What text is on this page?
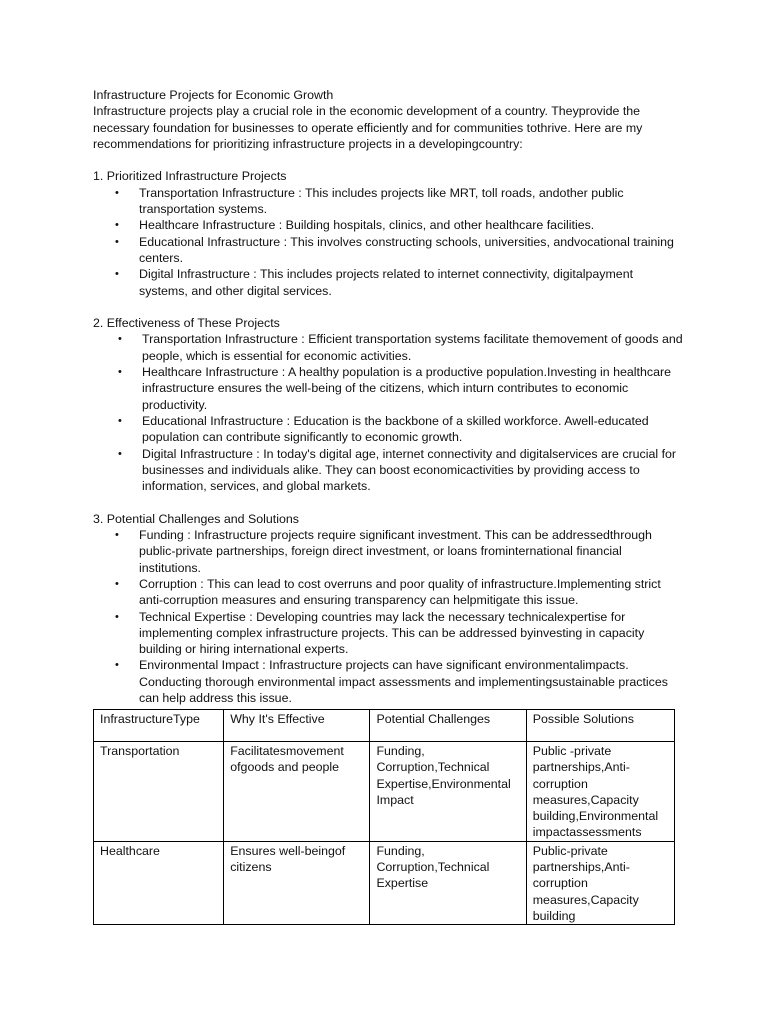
Infrastructure Projects for Economic Growth

Infrastructure projects play a crucial role in the economic development of a country. Theyprovide the necessary foundation for businesses to operate efficiently and for communities tothrive. Here are my recommendations for prioritizing infrastructure projects in a developingcountry:

1. Prioritized Infrastructure Projects

• Transportation Infrastructure : This includes projects like MRT, toll roads, andother public transportation systems.
• Healthcare Infrastructure : Building hospitals, clinics, and other healthcare facilities.
• Educational Infrastructure : This involves constructing schools, universities, andvocational training centers.
• Digital Infrastructure : This includes projects related to internet connectivity, digitalpayment systems, and other digital services.

2. Effectiveness of These Projects

• Transportation Infrastructure : Efficient transportation systems facilitate themovement of goods and people, which is essential for economic activities.
• Healthcare Infrastructure : A healthy population is a productive population.Investing in healthcare infrastructure ensures the well-being of the citizens, which inturn contributes to economic productivity.
• Educational Infrastructure : Education is the backbone of a skilled workforce. Awell-educated population can contribute significantly to economic growth.
• Digital Infrastructure : In today's digital age, internet connectivity and digitalservices are crucial for businesses and individuals alike. They can boost economicactivities by providing access to information, services, and global markets.

3. Potential Challenges and Solutions

• Funding : Infrastructure projects require significant investment. This can be addressedthrough public-private partnerships, foreign direct investment, or loans frominternational financial institutions.
• Corruption : This can lead to cost overruns and poor quality of infrastructure.Implementing strict anti-corruption measures and ensuring transparency can helpmitigate this issue.
• Technical Expertise : Developing countries may lack the necessary technicalexpertise for implementing complex infrastructure projects. This can be addressed byinvesting in capacity building or hiring international experts.
• Environmental Impact : Infrastructure projects can have significant environmentalimpacts. Conducting thorough environmental impact assessments and implementingsustainable practices can help address this issue.
InfrastructureType	Why It's Effective	Potential Challenges	Possible Solutions
Transportation	Facilitatesmovement ofgoods and people	Funding, Corruption,Technical Expertise,Environmental Impact	Public -private partnerships,Anti-corruption measures,Capacity building,Environmental impactassessments
Healthcare	Ensures well-beingof citizens	Funding, Corruption,Technical Expertise	Public-private partnerships,Anti-corruption measures,Capacity building
